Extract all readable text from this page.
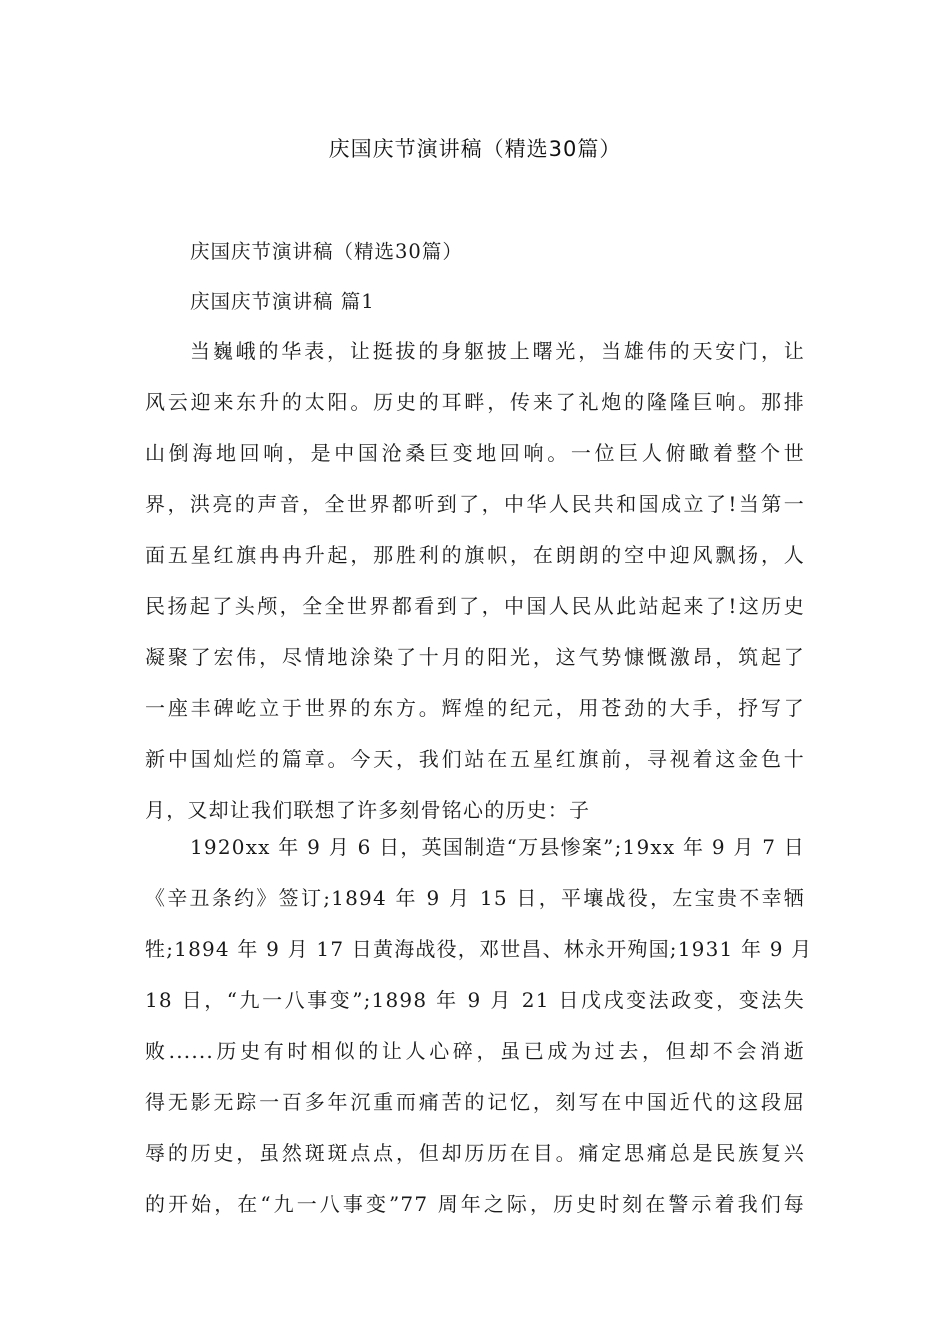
庆国庆节演讲稿（精选30篇）
庆国庆节演讲稿（精选30篇）
庆国庆节演讲稿 篇1
当巍峨的华表，让挺拔的身躯披上曙光，当雄伟的天安门，让
风云迎来东升的太阳。历史的耳畔，传来了礼炮的隆隆巨响。那排
山倒海地回响，是中国沧桑巨变地回响。一位巨人俯瞰着整个世
界，洪亮的声音，全世界都听到了，中华人民共和国成立了!当第一
面五星红旗冉冉升起，那胜利的旗帜，在朗朗的空中迎风飘扬，人
民扬起了头颅，全全世界都看到了，中国人民从此站起来了!这历史
凝聚了宏伟，尽情地涂染了十月的阳光，这气势慷慨激昂，筑起了
一座丰碑屹立于世界的东方。辉煌的纪元，用苍劲的大手，抒写了
新中国灿烂的篇章。今天，我们站在五星红旗前，寻视着这金色十
月，又却让我们联想了许多刻骨铭心的历史：子
1920xx 年 9 月 6 日，英国制造“万县惨案”;19xx 年 9 月 7 日
《辛丑条约》签订;1894 年 9 月 15 日，平壤战役，左宝贵不幸牺
牲;1894 年 9 月 17 日黄海战役，邓世昌、林永开殉国;1931 年 9 月
18 日，“九一八事变”;1898 年 9 月 21 日戊戌变法政变，变法失
败......历史有时相似的让人心碎，虽已成为过去，但却不会消逝
得无影无踪一百多年沉重而痛苦的记忆，刻写在中国近代的这段屈
辱的历史，虽然斑斑点点，但却历历在目。痛定思痛总是民族复兴
的开始，在“九一八事变”77 周年之际，历史时刻在警示着我们每
